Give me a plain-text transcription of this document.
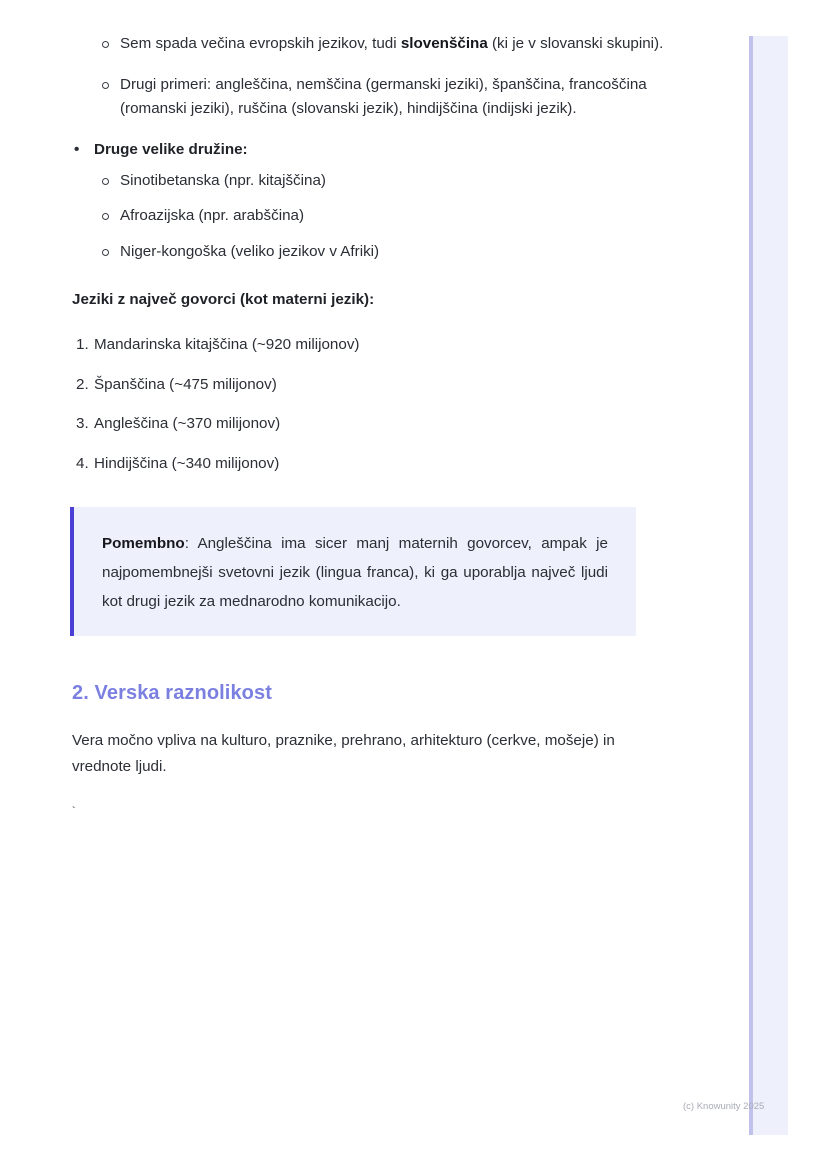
Sem spada večina evropskih jezikov, tudi slovenščina (ki je v slovanski skupini).
Drugi primeri: angleščina, nemščina (germanski jeziki), španščina, francoščina (romanski jeziki), ruščina (slovanski jezik), hindijščina (indijski jezik).
• Druge velike družine:
Sinotibetanska (npr. kitajščina)
Afroazijska (npr. arabščina)
Niger-kongoška (veliko jezikov v Afriki)
Jeziki z največ govorci (kot materni jezik):
1. Mandarinska kitajščina (~920 milijonov)
2. Španščina (~475 milijonov)
3. Angleščina (~370 milijonov)
4. Hindijščina (~340 milijonov)

Pomembno: Angleščina ima sicer manj maternih govorcev, ampak je najpomembnejši svetovni jezik (lingua franca), ki ga uporablja največ ljudi kot drugi jezik za mednarodno komunikacijo.

2. Verska raznolikost

Vera močno vpliva na kulturo, praznike, prehrano, arhitekturo (cerkve, mošeje) in vrednote ljudi.

`
(c) Knowunity 2025
